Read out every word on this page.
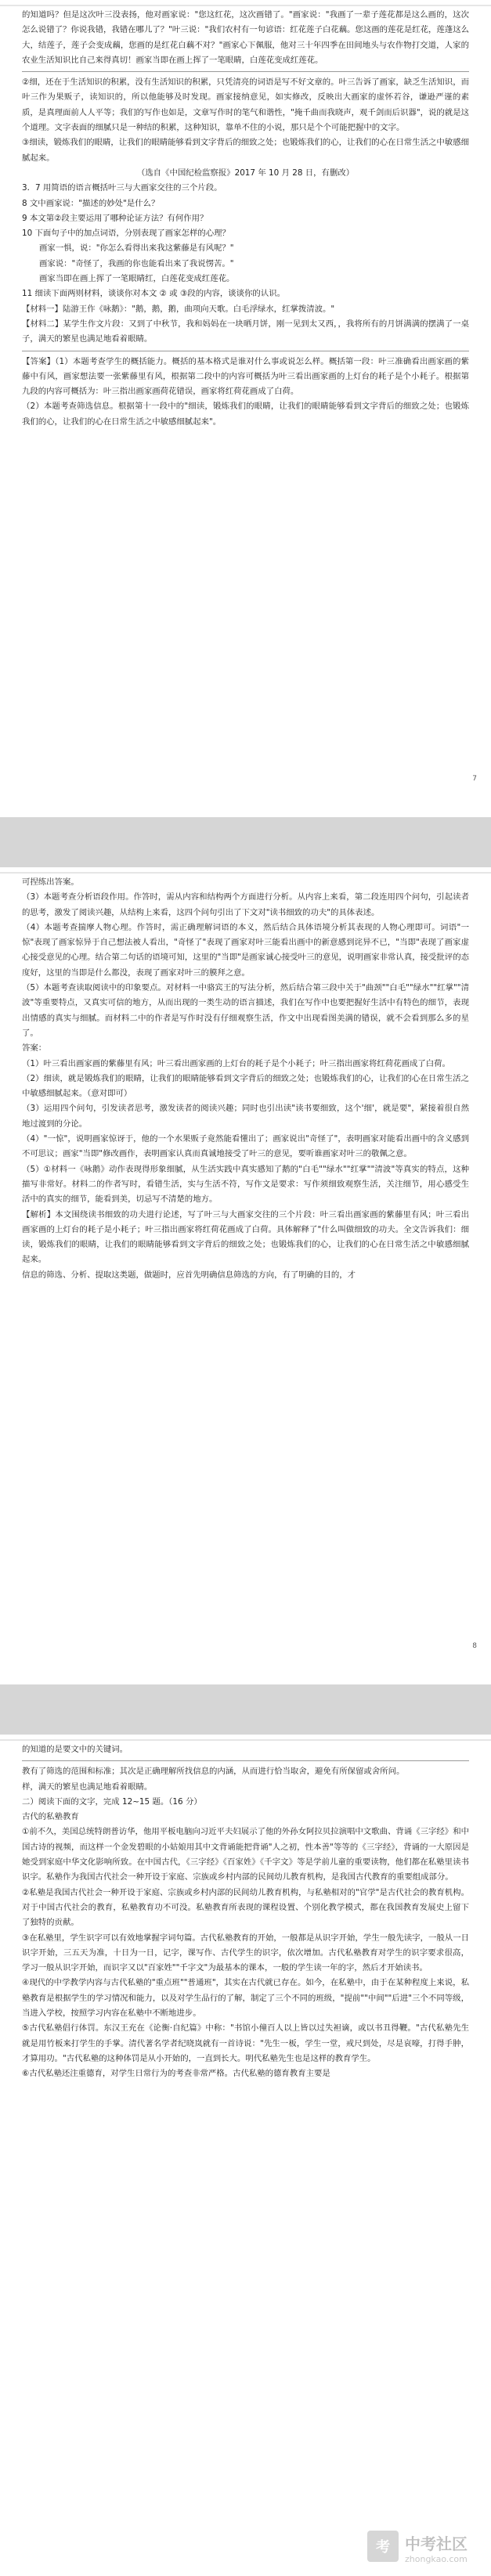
的知道吗？但是这次叶三没表扬，他对画家说："您这红花，这次画错了。"画家说："我画了一辈子莲花都是这么画的，这次怎么说错了？你说我错，我错在哪儿了？"叶三说："我们农村有一句谚语：红花莲子白花藕。您这画的莲花是红花，莲蓬这么大，结莲子，莲子会变成藕，您画的是红花白藕不对？"画家心下佩服，他对三十年四季在田间地头与农作物打交道，人家的农业生活知识比自己来得真切！画家当即在画上挥了一笔眼睛，白莲花变成红莲花。

②细，还在于生活知识的积累，没有生活知识的积累，只凭清亮的词语是写不好文章的。叶三告诉了画家，缺乏生活知识，而叶三作为果贩子，读知识的，所以他能够及时发现。画家接纳意见，如实修改，反映出大画家的虚怀若谷，谦逊严谨的素质，是真理面前人人平等；我们的写作也如是，文章写作时的笔气和谐性，"掩千曲而我晓声，观千剑而后识器"，说的就是这个道理。文字表面的细腻只是一种结的积累，这种知识，靠单不住的小说，那只是个个可能把握中的文字。

③细读，锻炼我们的眼睛，让我们的眼睛能够看到文字背后的细致之处；也锻炼我们的心，让我们的心在日常生活之中敏感细腻起来。

（选自《中国纪检监察报》2017 年 10 月 28 日，有删改）

3．7 用简语的语言概括叶三与大画家交往的三个片段。

8 文中画家说："描述的妙处"是什么？

9 本文第②段主要运用了哪种论证方法？有何作用？

10 下面句子中的加点词语，分别表现了画家怎样的心理？

画家一惧，说："你怎么看得出来我这紫藤是有风呢？"

画家说："奇怪了，我画的你也能看出来了我说愣苦。"

画家当即在画上挥了一笔眼睛红，白莲花变成红莲花。

11 细读下面两则材料，谈谈你对本文 ② 或 ③段的内容，谈谈你的认识。

【材料一】陆游王作《咏鹅》："鹅，鹅，鹅，曲项向天歌。白毛浮绿水，红掌拨清波。"

【材料二】某学生作文片段：又到了中秋节，我和妈妈在一块晒月饼，刚一见到太又西，，我将所有的月饼满满的摆满了一桌子，满天的繁星也满足地看着眼睛。

【答案】（1）本题考查学生的概括能力。概括的基本格式是谁对什么事或说怎么样。概括第一段：叶三准确看出画家画的紫藤中有风，画家想法要一张紫藤里有风，根据第二段中的内容可概括为叶三看出画家画的上灯台的耗子是个小耗子。根据第九段的内容可概括为：叶三指出画家画荷花错误，画家将红荷花画成了白荷。

（2）本题考查筛选信息。根据第十一段中的"细读，锻炼我们的眼睛，让我们的眼睛能够看到文字背后的细致之处；也锻炼我们的心，让我们的心在日常生活之中敏感细腻起来"。

7

可捏练出答案。

（3）本题考查分析语段作用。作答时，需从内容和结构两个方面进行分析。从内容上来看，第二段连用四个问句，引起读者的思考，激发了阅读兴趣，从结构上来看，这四个问句引出了下文对"读书细致的功夫"的具体表述。

（4）本题考查揣摩人物心理。作答时，需正确理解词语的本义，然后结合具体语境分析其表现的人物心理即可。词语"一惊"表现了画家惊异于自己想法被人看出，"奇怪了"表现了画家对叶三能看出画中的新意感到诧异不已，"当即"表现了画家虚心接受意见的心理。结合第二句话的语境可知，这里的"当即"是画家诚心接受叶三的意见，说明画家非常认真，接受批评的态度好，这里的当即是什么都没，表现了画家对叶三的膜拜之意。

（5）本题考查读取阅读中的印象要点。对材料一中骆宾王的写法分析，然后结合第三段中关于"曲颈""白毛""绿水""红掌""清波"等重要特点，又真实可信的地方，从而出现的一类生动的语言描述，我们在写作中也要把握好生活中有特色的细节，表现出情感的真实与细腻。而材料二中的作者是写作时没有仔细观察生活，作文中出现看图美满的错误，就不会看到那么多的星了。

答案：

（1）叶三看出画家画的紫藤里有风；叶三看出画家画的上灯台的耗子是个小耗子；叶三指出画家将红荷花画成了白荷。

（2）细读，就是锻炼我们的眼睛，让我们的眼睛能够看到文字背后的细致之处；也锻炼我们的心，让我们的心在日常生活之中敏感细腻起来。（意对即可）

（3）运用四个问句，引发读者思考，激发读者的阅读兴趣；同时也引出读"读书要细致，这个'细'，就是要"，紧接着很自然地过渡到的分论。

（4）"一惊"，说明画家惊讶于，他的一个水果贩子竟然能看懂出了；画家说出"奇怪了"，表明画家对能看出画中的含义感到不可思议；画家"当即"修改画作，表明画家认真而真诚地接受了叶三的意见，要听谁画家对叶三的敬佩之意。

（5）①材料一《咏鹅》动作表现得形象细腻，从生活实践中真实感知了鹅的"白毛""绿水""红掌""清波"等真实的特点，这种描写非常好。材料二的作者写时，看错生活，实与生活不符，写作文是要求：写作须细致观察生活，关注细节，用心感受生活中的真实的细节，能看到美，切忌写不清楚的地方。

【解析】本文围绕读书细致的功夫进行论述，写了叶三与大画家交往的三个片段：叶三看出画家画的紫藤里有风；叶三看出画家画的上灯台的耗子是小耗子；叶三指出画家将红荷花画成了白荷。具体解释了"什么叫做细致的功夫。全文告诉我们：细读，锻炼我们的眼睛，让我们的眼睛能够看到文字背后的细致之处；也锻炼我们的心，让我们的心在日常生活之中敏感细腻起来。

信息的筛选、分析、提取这类题，做题时，应首先明确信息筛选的方向，有了明确的目的，才

8

的知道的是要文中的关键词。

教有了筛选的范围和标准；其次是正确理解所找信息的内涵，从而进行恰当取舍，避免有所保留或舍所问。

样，满天的繁星也满足地看着眼睛。

二）阅读下面的文字，完成 12~15 题。（16 分）

古代的私塾教育

①前不久，美国总统特朗普访华，他用平板电脑向习近平夫妇展示了他的外孙女阿拉贝拉演唱中文歌曲、背诵《三字经》和中国古诗的视频，而这样一个金发碧眼的小姑娘用其中文背诵能把背诵"人之初，性本善"等等的《三字经》，背诵的一大原因是她受到家庭中华文化影响所致。在中国古代，《三字经》《百家姓》《千字文》等是学前儿童的重要读物，他们都在私塾里读书识字。私塾作为我国古代社会一种开设于家庭、宗族或乡村内部的民间幼儿教育机构，是我国古代教育的重要组成部分。

②私塾是我国古代社会一种开设于家庭、宗族或乡村内部的民间幼儿教育机构，与私塾相对的"官学"是古代社会的教育机构。对于中国古代社会的教育，私塾教育功不可没。私塾教育所表现的课程设置、个别化教学模式，都在我国教育发展史上留下了独特的贡献。

③在私塾里，学生识字可以有效地掌握字词句篇。古代私塾教育的开始，一般都是从识字开始，学生一般先读字，一般从一日识字开始，三五天为准，十日为一日，记字，课写作、古代学生的识字，依次增加。古代私塾教育对学生的识字要求很高，学习一般从识字开始，而识字又以"百家姓""千字文"为最基本的课本，一般的学生读一年的字，然后才开始读书。

④现代的中学教学内容与古代私塾的"重点班""普通班"，其实在古代就已存在。如今，在私塾中，由于在某种程度上来说，私塾教育是根据学生的学习情况和能力，以及对学生品行的了解，制定了三个不同的班级，"提前""中间""后进"三个不同等级，当进入学校，按照学习内容在私塾中不断地进步。

⑤古代私塾倡行体罚。东汉王充在《论衡·自纪篇》中称："书馆小僮百人以上皆以过失袒谪，或以书丑得鞭。"古代私塾先生就是用竹板来打学生的手掌。清代著名学者纪晓岚就有一首诗说："先生一板，学生一堂，戒尺到处，尽是哀嚎，打得手肿，才算用功。"古代私塾的这种体罚是从小开始的，一直到长大。明代私塾先生也是这样的教育学生。

⑥古代私塾还注重德育，对学生日常行为的考查非常严格。古代私塾的德育教育主要是

考 中考社区
zhongkao.com
